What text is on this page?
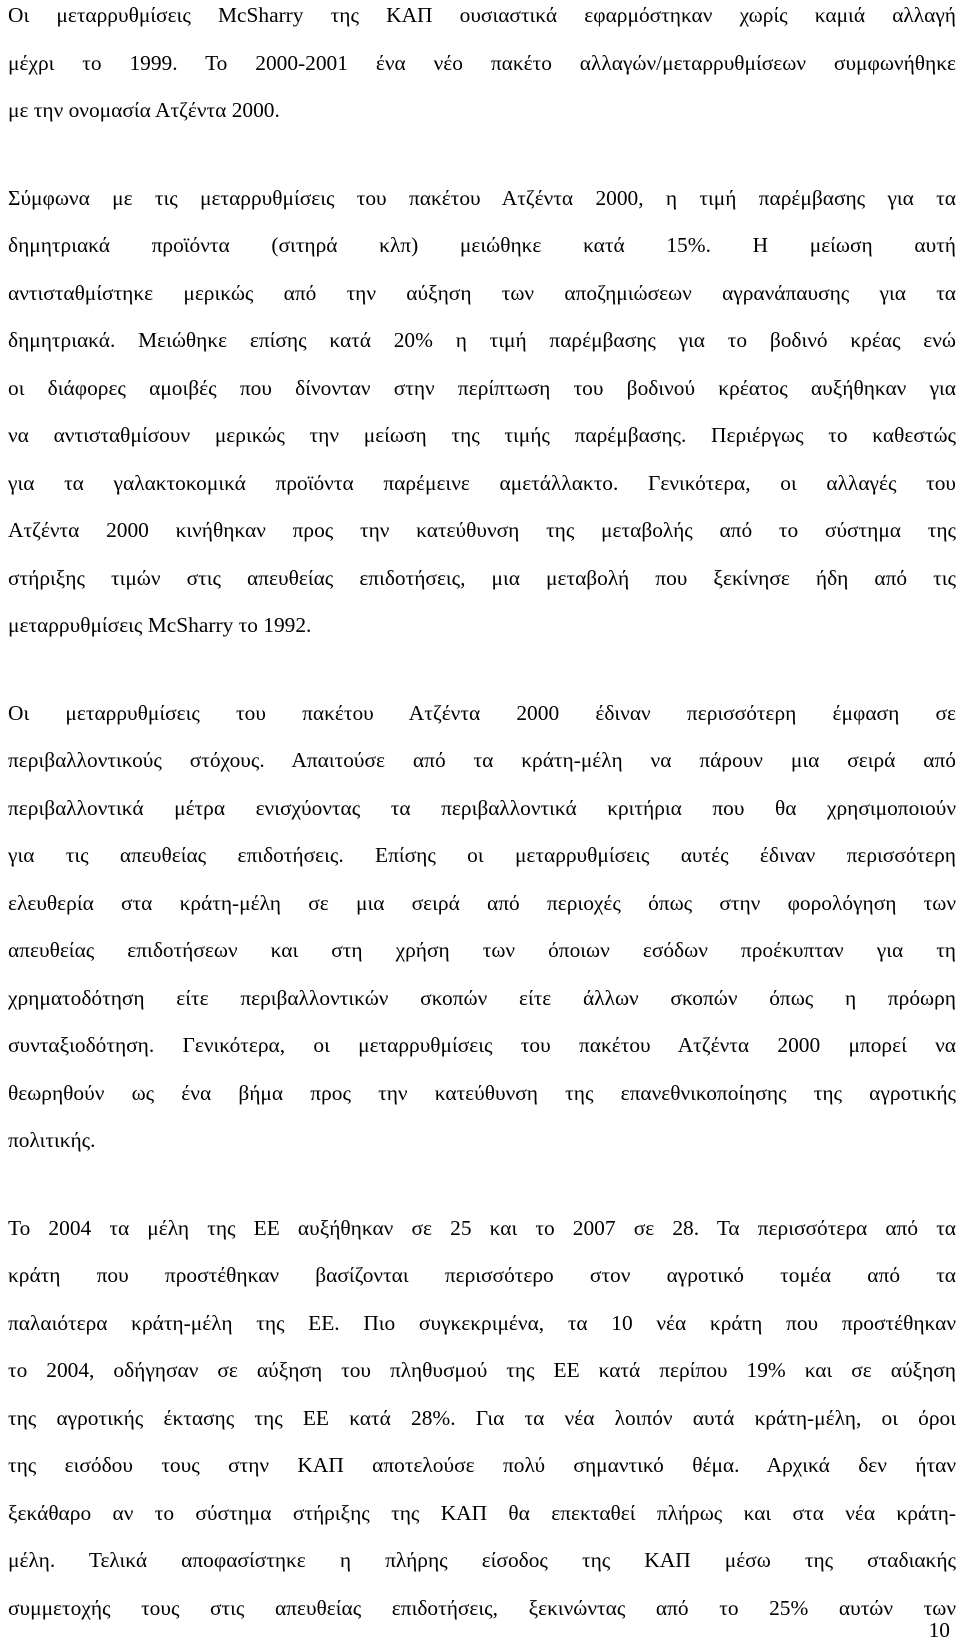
Οι μεταρρυθμίσεις McSharry της ΚΑΠ ουσιαστικά εφαρμόστηκαν χωρίς καμιά αλλαγή
μέχρι το 1999. Το 2000-2001 ένα νέο πακέτο αλλαγών/μεταρρυθμίσεων συμφωνήθηκε
με την ονομασία Ατζέντα 2000.
Σύμφωνα με τις μεταρρυθμίσεις του πακέτου Ατζέντα 2000, η τιμή παρέμβασης για τα
δημητριακά προϊόντα (σιτηρά κλπ) μειώθηκε κατά 15%. Η μείωση αυτή
αντισταθμίστηκε μερικώς από την αύξηση των αποζημιώσεων αγρανάπαυσης για τα
δημητριακά. Μειώθηκε επίσης κατά 20% η τιμή παρέμβασης για το βοδινό κρέας ενώ
οι διάφορες αμοιβές που δίνονταν στην περίπτωση του βοδινού κρέατος αυξήθηκαν για
να αντισταθμίσουν μερικώς την μείωση της τιμής παρέμβασης. Περιέργως το καθεστώς
για τα γαλακτοκομικά προϊόντα παρέμεινε αμετάλλακτο. Γενικότερα, οι αλλαγές του
Ατζέντα 2000 κινήθηκαν προς την κατεύθυνση της μεταβολής από το σύστημα της
στήριξης τιμών στις απευθείας επιδοτήσεις, μια μεταβολή που ξεκίνησε ήδη από τις
μεταρρυθμίσεις McSharry το 1992.
Οι μεταρρυθμίσεις του πακέτου Ατζέντα 2000 έδιναν περισσότερη έμφαση σε
περιβαλλοντικούς στόχους. Απαιτούσε από τα κράτη-μέλη να πάρουν μια σειρά από
περιβαλλοντικά μέτρα ενισχύοντας τα περιβαλλοντικά κριτήρια που θα χρησιμοποιούν
για τις απευθείας επιδοτήσεις. Επίσης οι μεταρρυθμίσεις αυτές έδιναν περισσότερη
ελευθερία στα κράτη-μέλη σε μια σειρά από περιοχές όπως στην φορολόγηση των
απευθείας επιδοτήσεων και στη χρήση των όποιων εσόδων προέκυπταν για τη
χρηματοδότηση είτε περιβαλλοντικών σκοπών είτε άλλων σκοπών όπως η πρόωρη
συνταξιοδότηση. Γενικότερα, οι μεταρρυθμίσεις του πακέτου Ατζέντα 2000 μπορεί να
θεωρηθούν ως ένα βήμα προς την κατεύθυνση της επανεθνικοποίησης της αγροτικής
πολιτικής.
Το 2004 τα μέλη της ΕΕ αυξήθηκαν σε 25 και το 2007 σε 28. Τα περισσότερα από τα
κράτη που προστέθηκαν βασίζονται περισσότερο στον αγροτικό τομέα από τα
παλαιότερα κράτη-μέλη της ΕΕ. Πιο συγκεκριμένα, τα 10 νέα κράτη που προστέθηκαν
το 2004, οδήγησαν σε αύξηση του πληθυσμού της ΕΕ κατά περίπου 19% και σε αύξηση
της αγροτικής έκτασης της ΕΕ κατά 28%. Για τα νέα λοιπόν αυτά κράτη-μέλη, οι όροι
της εισόδου τους στην ΚΑΠ αποτελούσε πολύ σημαντικό θέμα. Αρχικά δεν ήταν
ξεκάθαρο αν το σύστημα στήριξης της ΚΑΠ θα επεκταθεί πλήρως και στα νέα κράτη-
μέλη. Τελικά αποφασίστηκε η πλήρης είσοδος της ΚΑΠ μέσω της σταδιακής
συμμετοχής τους στις απευθείας επιδοτήσεις, ξεκινώντας από το 25% αυτών των
10
